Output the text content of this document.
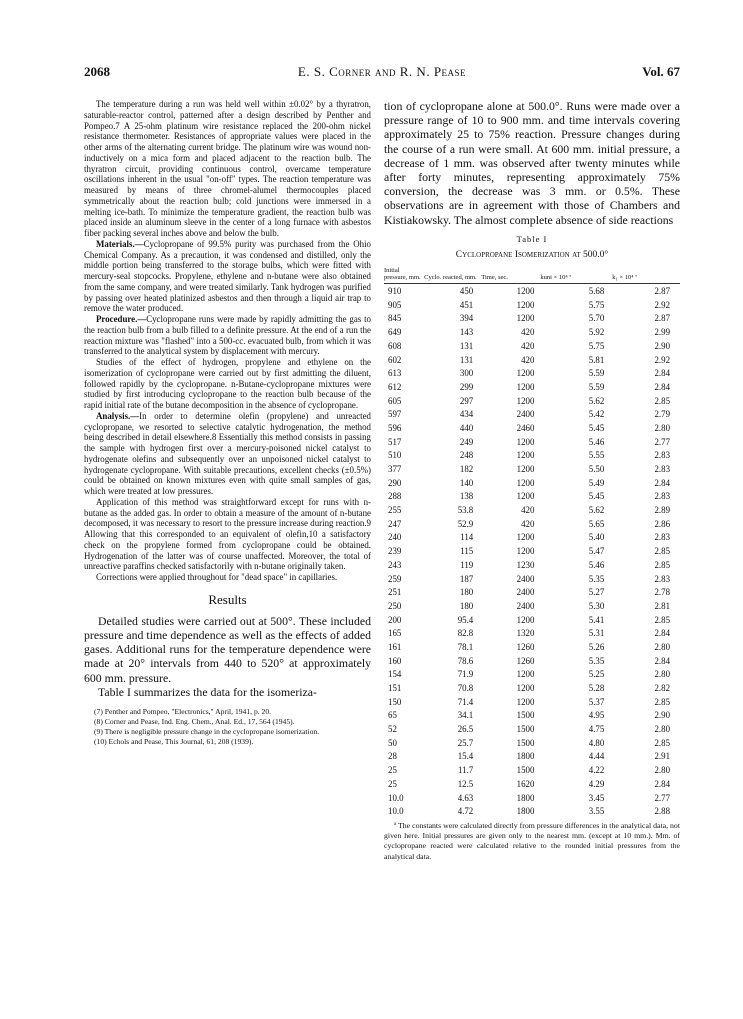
2068	E. S. Corner and R. N. Pease	Vol. 67

The temperature during a run was held well within ±0.02° by a thyratron, saturable-reactor control, patterned after a design described by Penther and Pompeo.7 A 25-ohm platinum wire resistance replaced the 200-ohm nickel resistance thermometer. Resistances of appropriate values were placed in the other arms of the alternating current bridge. The platinum wire was wound non-inductively on a mica form and placed adjacent to the reaction bulb. The thyratron circuit, providing continuous control, overcame temperature oscillations inherent in the usual "on-off" types. The reaction temperature was measured by means of three chromel-alumel thermocouples placed symmetrically about the reaction bulb; cold junctions were immersed in a melting ice-bath. To minimize the temperature gradient, the reaction bulb was placed inside an aluminum sleeve in the center of a long furnace with asbestos fiber packing several inches above and below the bulb.

Materials.—Cyclopropane of 99.5% purity was purchased from the Ohio Chemical Company. As a precaution, it was condensed and distilled, only the middle portion being transferred to the storage bulbs, which were fitted with mercury-seal stopcocks. Propylene, ethylene and n-butane were also obtained from the same company, and were treated similarly. Tank hydrogen was purified by passing over heated platinized asbestos and then through a liquid air trap to remove the water produced.

Procedure.—Cyclopropane runs were made by rapidly admitting the gas to the reaction bulb from a bulb filled to a definite pressure. At the end of a run the reaction mixture was "flashed" into a 500-cc. evacuated bulb, from which it was transferred to the analytical system by displacement with mercury.

Studies of the effect of hydrogen, propylene and ethylene on the isomerization of cyclopropane were carried out by first admitting the diluent, followed rapidly by the cyclopropane. n-Butane-cyclopropane mixtures were studied by first introducing cyclopropane to the reaction bulb because of the rapid initial rate of the butane decomposition in the absence of cyclopropane.

Analysis.—In order to determine olefin (propylene) and unreacted cyclopropane, we resorted to selective catalytic hydrogenation, the method being described in detail elsewhere.8 Essentially this method consists in passing the sample with hydrogen first over a mercury-poisoned nickel catalyst to hydrogenate olefins and subsequently over an unpoisoned nickel catalyst to hydrogenate cyclopropane. With suitable precautions, excellent checks (±0.5%) could be obtained on known mixtures even with quite small samples of gas, which were treated at low pressures.

Application of this method was straightforward except for runs with n-butane as the added gas. In order to obtain a measure of the amount of n-butane decomposed, it was necessary to resort to the pressure increase during reaction.9 Allowing that this corresponded to an equivalent of olefin,10 a satisfactory check on the propylene formed from cyclopropane could be obtained. Hydrogenation of the latter was of course unaffected. Moreover, the total of unreactive paraffins checked satisfactorily with n-butane originally taken.

Corrections were applied throughout for "dead space" in capillaries.

Results

Detailed studies were carried out at 500°. These included pressure and time dependence as well as the effects of added gases. Additional runs for the temperature dependence were made at 20° intervals from 440 to 520° at approximately 600 mm. pressure.

Table I summarizes the data for the isomeriza-

(7) Penther and Pompeo, "Electronics," April, 1941, p. 20.

(8) Corner and Pease, Ind. Eng. Chem., Anal. Ed., 17, 564 (1945).

(9) There is negligible pressure change in the cyclopropane isomerization.

(10) Echols and Pease, This Journal, 61, 208 (1939).

tion of cyclopropane alone at 500.0°. Runs were made over a pressure range of 10 to 900 mm. and time intervals covering approximately 25 to 75% reaction. Pressure changes during the course of a run were small. At 600 mm. initial pressure, a decrease of 1 mm. was observed after twenty minutes while after forty minutes, representing approximately 75% conversion, the decrease was 3 mm. or 0.5%. These observations are in agreement with those of Chambers and Kistiakowsky. The almost complete absence of side reactions

Table I
Cyclopropane Isomerization at 500.0°
Initial pressure, mm.	Cyclo. reacted, mm.	Time, sec.	kuni × 10⁴ ª	k₁ × 10⁴ ª
910	450	1200	5.68	2.87
905	451	1200	5.75	2.92
845	394	1200	5.70	2.87
649	143	420	5.92	2.99
608	131	420	5.75	2.90
602	131	420	5.81	2.92
613	300	1200	5.59	2.84
612	299	1200	5.59	2.84
605	297	1200	5.62	2.85
597	434	2400	5.42	2.79
596	440	2460	5.45	2.80
517	249	1200	5.46	2.77
510	248	1200	5.55	2.83
377	182	1200	5.50	2.83
290	140	1200	5.49	2.84
288	138	1200	5.45	2.83
255	53.8	420	5.62	2.89
247	52.9	420	5.65	2.86
240	114	1200	5.40	2.83
239	115	1200	5.47	2.85
243	119	1230	5.46	2.85
259	187	2400	5.35	2.83
251	180	2400	5.27	2.78
250	180	2400	5.30	2.81
200	95.4	1200	5.41	2.85
165	82.8	1320	5.31	2.84
161	78.1	1260	5.26	2.80
160	78.6	1260	5.35	2.84
154	71.9	1200	5.25	2.80
151	70.8	1200	5.28	2.82
150	71.4	1200	5.37	2.85
65	34.1	1500	4.95	2.90
52	26.5	1500	4.75	2.80
50	25.7	1500	4.80	2.85
28	15.4	1800	4.44	2.91
25	11.7	1500	4.22	2.80
25	12.5	1620	4.29	2.84
10.0	4.63	1800	3.45	2.77
10.0	4.72	1800	3.55	2.88

ª The constants were calculated directly from pressure differences in the analytical data, not given here. Initial pressures are given only to the nearest mm. (except at 10 mm.). Mm. of cyclopropane reacted were calculated relative to the rounded initial pressures from the analytical data.
